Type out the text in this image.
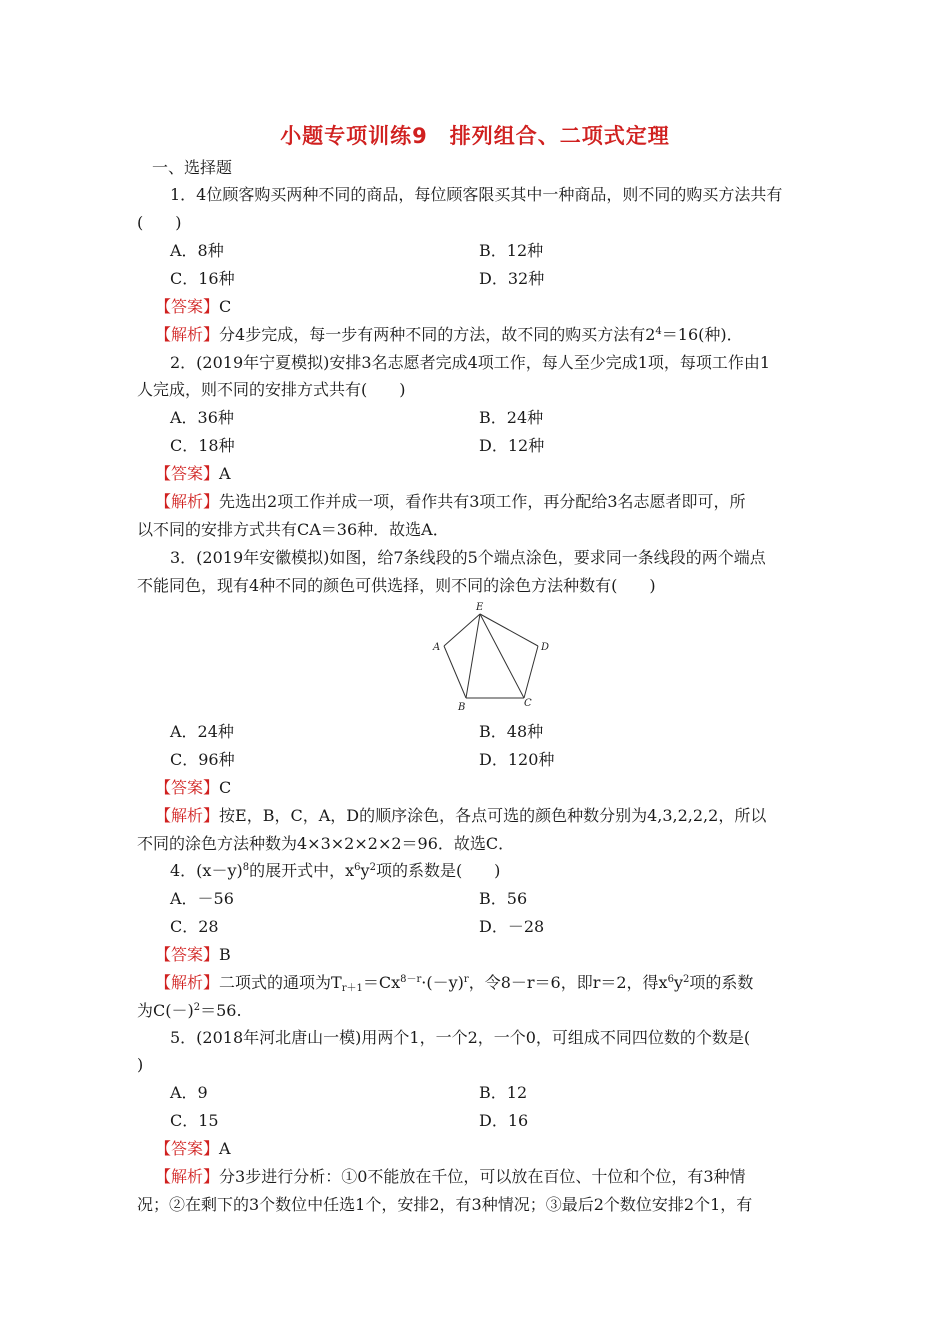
小题专项训练9　排列组合、二项式定理
一、选择题
1．4位顾客购买两种不同的商品，每位顾客限买其中一种商品，则不同的购买方法共有
(　　)
A．8种	B．12种
C．16种	D．32种
【答案】C
【解析】分4步完成，每一步有两种不同的方法，故不同的购买方法有$2^4=16$(种)．
2．(2019年宁夏模拟)安排3名志愿者完成4项工作，每人至少完成1项，每项工作由1
人完成，则不同的安排方式共有(　　)
A．36种	B．24种
C．18种	D．12种
【答案】A
【解析】先选出2项工作并成一项，看作共有3项工作，再分配给3名志愿者即可，所
以不同的安排方式共有CA＝36种．故选A．
3．(2019年安徽模拟)如图，给7条线段的5个端点涂色，要求同一条线段的两个端点
不能同色，现有4种不同的颜色可供选择，则不同的涂色方法种数有(　　)
E
A	D
B	C
A．24种	B．48种
C．96种	D．120种
【答案】C
【解析】按E，B，C，A，D的顺序涂色，各点可选的颜色种数分别为4,3,2,2,2，所以
不同的涂色方法种数为4×3×2×2×2＝96．故选C．
4．$(x-y)^8$的展开式中，$x^6y^2$项的系数是(　　)
A．－56	B．56
C．28	D．－28
【答案】B
【解析】二项式的通项为$T_{r+1}=Cx^{8-r}\cdot(-y)^r$，令8－r＝6，即r＝2，得$x^6y^2$项的系数
为$C(-)^2=56$.
5．(2018年河北唐山一模)用两个1，一个2，一个0，可组成不同四位数的个数是(
)
A．9	B．12
C．15	D．16
【答案】A
【解析】分3步进行分析：①0不能放在千位，可以放在百位、十位和个位，有3种情
况；②在剩下的3个数位中任选1个，安排2，有3种情况；③最后2个数位安排2个1，有
